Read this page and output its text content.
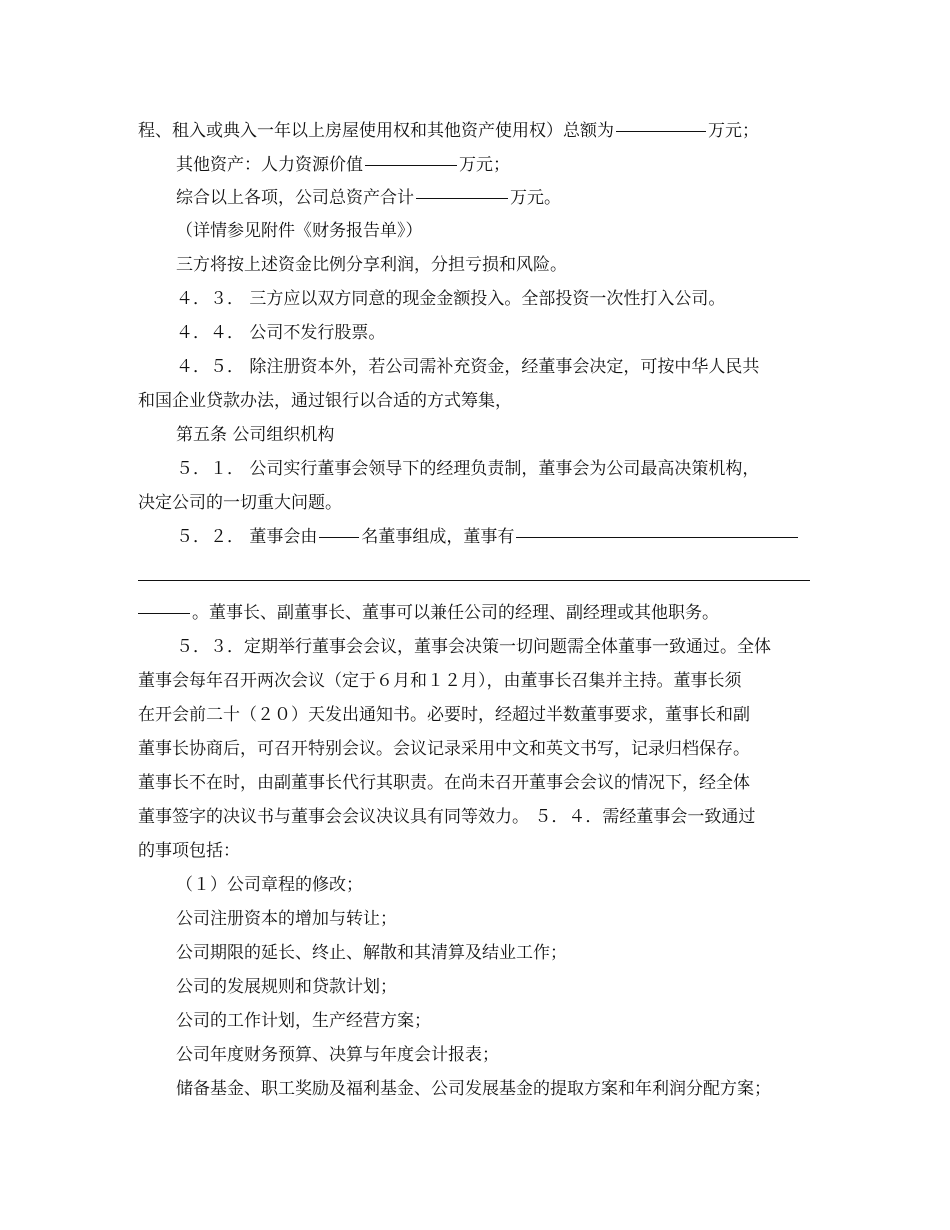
程、租入或典入一年以上房屋使用权和其他资产使用权）总额为	万元；
其他资产：人力资源价值	万元；
综合以上各项，公司总资产合计	万元。
（详情参见附件《财务报告单》）
三方将按上述资金比例分享利润，分担亏损和风险。
４．３． 三方应以双方同意的现金金额投入。全部投资一次性打入公司。
４．４． 公司不发行股票。
４．５． 除注册资本外，若公司需补充资金，经董事会决定，可按中华人民共
和国企业贷款办法，通过银行以合适的方式筹集，
第五条 公司组织机构
５．１． 公司实行董事会领导下的经理负责制，董事会为公司最高决策机构，
决定公司的一切重大问题。
５．２． 董事会由	名董事组成，董事有
。董事长、副董事长、董事可以兼任公司的经理、副经理或其他职务。
５．３．定期举行董事会会议，董事会决策一切问题需全体董事一致通过。全体
董事会每年召开两次会议（定于６月和１２月），由董事长召集并主持。董事长须
在开会前二十（２０）天发出通知书。必要时，经超过半数董事要求，董事长和副
董事长协商后，可召开特别会议。会议记录采用中文和英文书写，记录归档保存。
董事长不在时，由副董事长代行其职责。在尚未召开董事会会议的情况下，经全体
董事签字的决议书与董事会会议决议具有同等效力。 ５．４．需经董事会一致通过
的事项包括：
（１）公司章程的修改；
公司注册资本的增加与转让；
公司期限的延长、终止、解散和其清算及结业工作；
公司的发展规则和贷款计划；
公司的工作计划，生产经营方案；
公司年度财务预算、决算与年度会计报表；
储备基金、职工奖励及福利基金、公司发展基金的提取方案和年利润分配方案；
